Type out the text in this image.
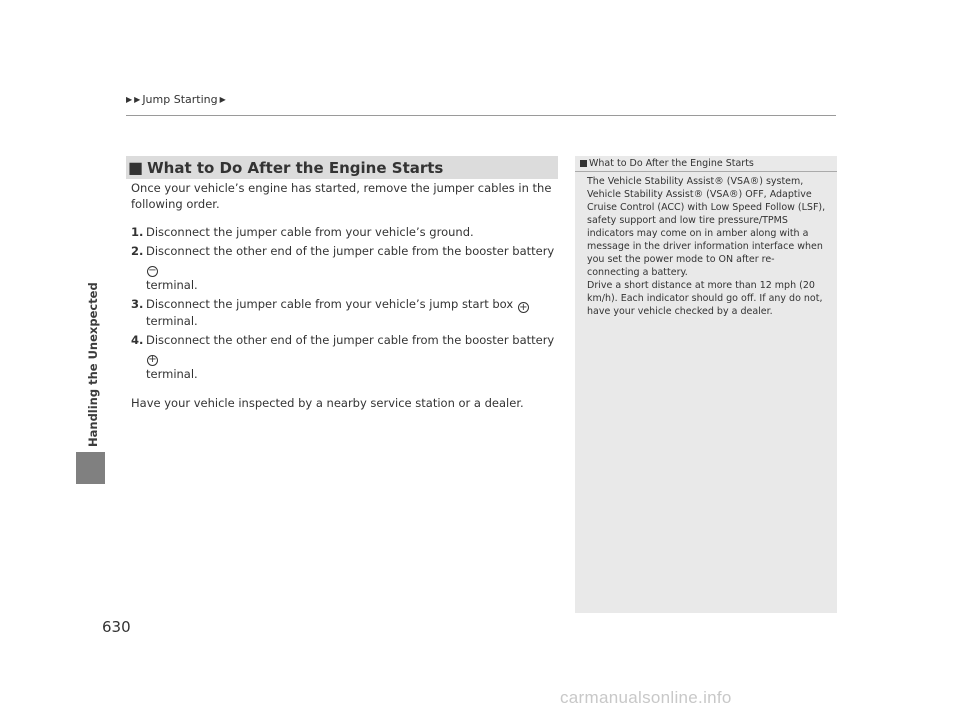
▶ ▶ Jump Starting ▶
Handling the Unexpected
630
■ What to Do After the Engine Starts

Once your vehicle’s engine has started, remove the jumper cables in the following order.

1. Disconnect the jumper cable from your vehicle’s ground.
2. Disconnect the other end of the jumper cable from the booster battery −
terminal.
3. Disconnect the jumper cable from your vehicle’s jump start box + terminal.
4. Disconnect the other end of the jumper cable from the booster battery +
terminal.

Have your vehicle inspected by a nearby service station or a dealer.

What to Do After the Engine Starts

The Vehicle Stability Assist® (VSA®) system, Vehicle Stability Assist® (VSA®) OFF, Adaptive Cruise Control (ACC) with Low Speed Follow (LSF), safety support and low tire pressure/TPMS indicators may come on in amber along with a message in the driver information interface when you set the power mode to ON after re-connecting a battery.

Drive a short distance at more than 12 mph (20 km/h). Each indicator should go off. If any do not, have your vehicle checked by a dealer.

carmanualsonline.info
